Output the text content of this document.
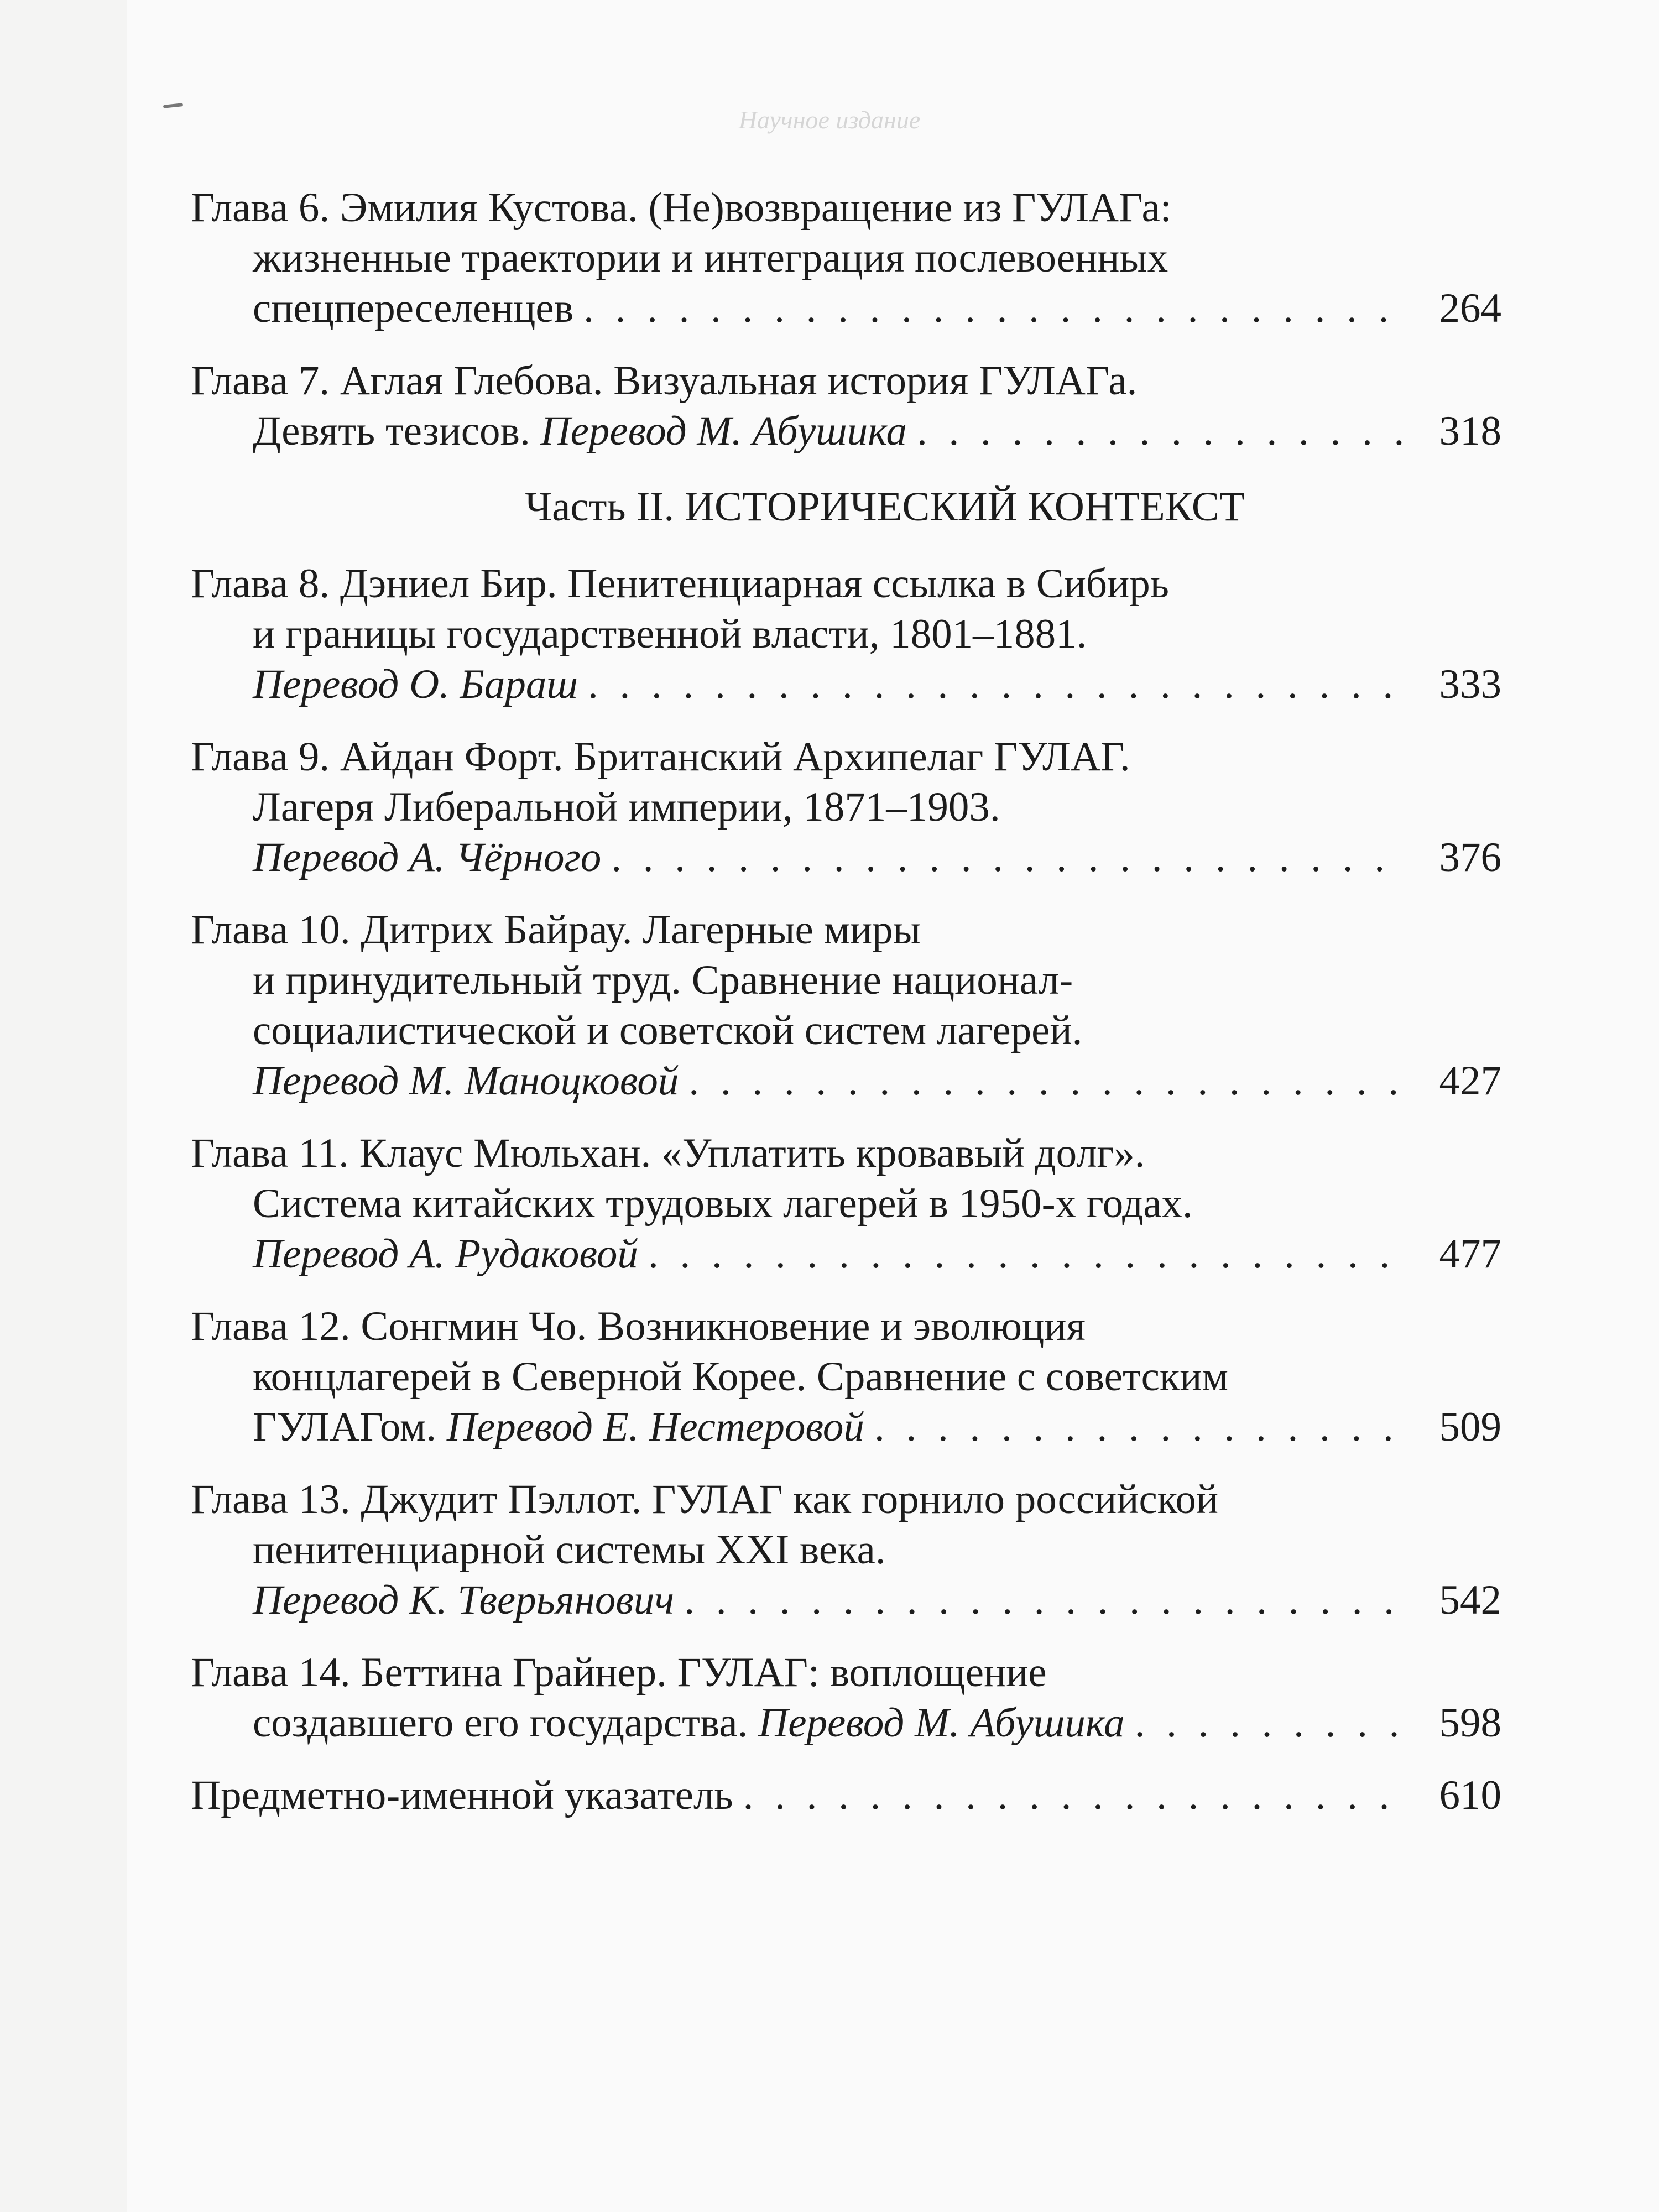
Научное издание
Глава 6. Эмилия Кустова. (Не)возвращение из ГУЛАГа:
жизненные траектории и интеграция послевоенных
спецпереселенцев . . .	264
Глава 7. Аглая Глебова. Визуальная история ГУЛАГа.
Девять тезисов. Перевод М. Абушика . . .	318
Часть II. ИСТОРИЧЕСКИЙ КОНТЕКСТ
Глава 8. Дэниел Бир. Пенитенциарная ссылка в Сибирь
и границы государственной власти, 1801–1881.
Перевод О. Бараш . . .	333
Глава 9. Айдан Форт. Британский Архипелаг ГУЛАГ.
Лагеря Либеральной империи, 1871–1903.
Перевод А. Чёрного . . .	376
Глава 10. Дитрих Байрау. Лагерные миры
и принудительный труд. Сравнение национал-
социалистической и советской систем лагерей.
Перевод М. Маноцковой . . .	427
Глава 11. Клаус Мюльхан. «Уплатить кровавый долг».
Система китайских трудовых лагерей в 1950-х годах.
Перевод А. Рудаковой . . .	477
Глава 12. Сонгмин Чо. Возникновение и эволюция
концлагерей в Северной Корее. Сравнение с советским
ГУЛАГом. Перевод Е. Нестеровой . . .	509
Глава 13. Джудит Пэллот. ГУЛАГ как горнило российской
пенитенциарной системы XXI века.
Перевод К. Тверьянович . . .	542
Глава 14. Беттина Грайнер. ГУЛАГ: воплощение
создавшего его государства. Перевод М. Абушика . . .	598
Предметно-именной указатель . . .	610
